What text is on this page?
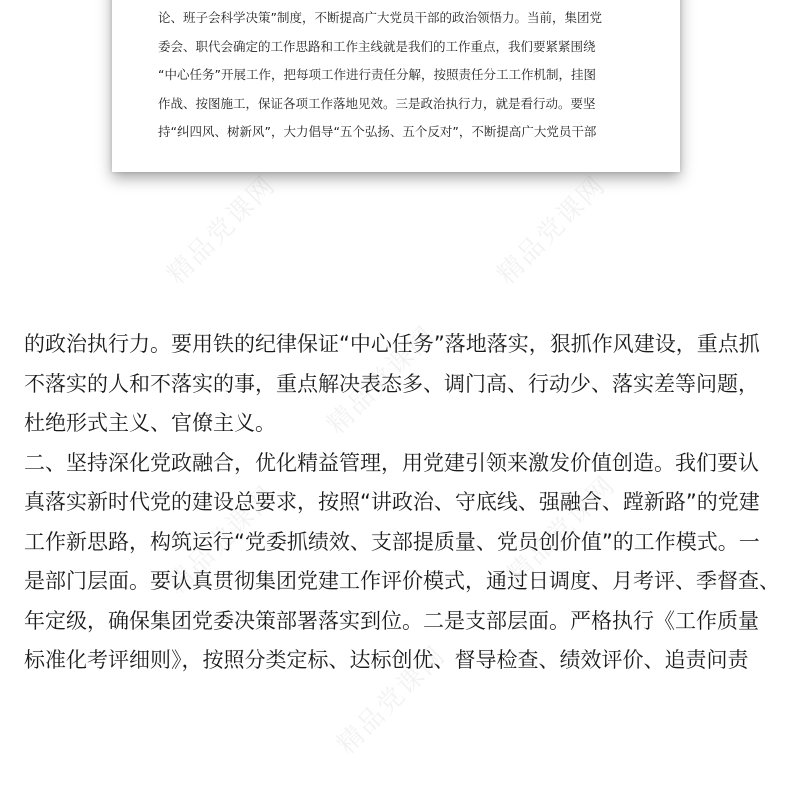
精品党课网	精品党课网
精品党课网
精品党课网	精品党课网
精品党课网
论、班子会科学决策”制度，不断提高广大党员干部的政治领悟力。当前，集团党
委会、职代会确定的工作思路和工作主线就是我们的工作重点，我们要紧紧围绕
“中心任务”开展工作，把每项工作进行责任分解，按照责任分工工作机制，挂图
作战、按图施工，保证各项工作落地见效。三是政治执行力，就是看行动。要坚
持“纠四风、树新风”，大力倡导“五个弘扬、五个反对”，不断提高广大党员干部
的政治执行力。要用铁的纪律保证“中心任务”落地落实，狠抓作风建设，重点抓
不落实的人和不落实的事，重点解决表态多、调门高、行动少、落实差等问题，
杜绝形式主义、官僚主义。
二、坚持深化党政融合，优化精益管理，用党建引领来激发价值创造。我们要认
真落实新时代党的建设总要求，按照“讲政治、守底线、强融合、蹚新路”的党建
工作新思路，构筑运行“党委抓绩效、支部提质量、党员创价值”的工作模式。一
是部门层面。要认真贯彻集团党建工作评价模式，通过日调度、月考评、季督查、
年定级，确保集团党委决策部署落实到位。二是支部层面。严格执行《工作质量
标准化考评细则》，按照分类定标、达标创优、督导检查、绩效评价、追责问责
